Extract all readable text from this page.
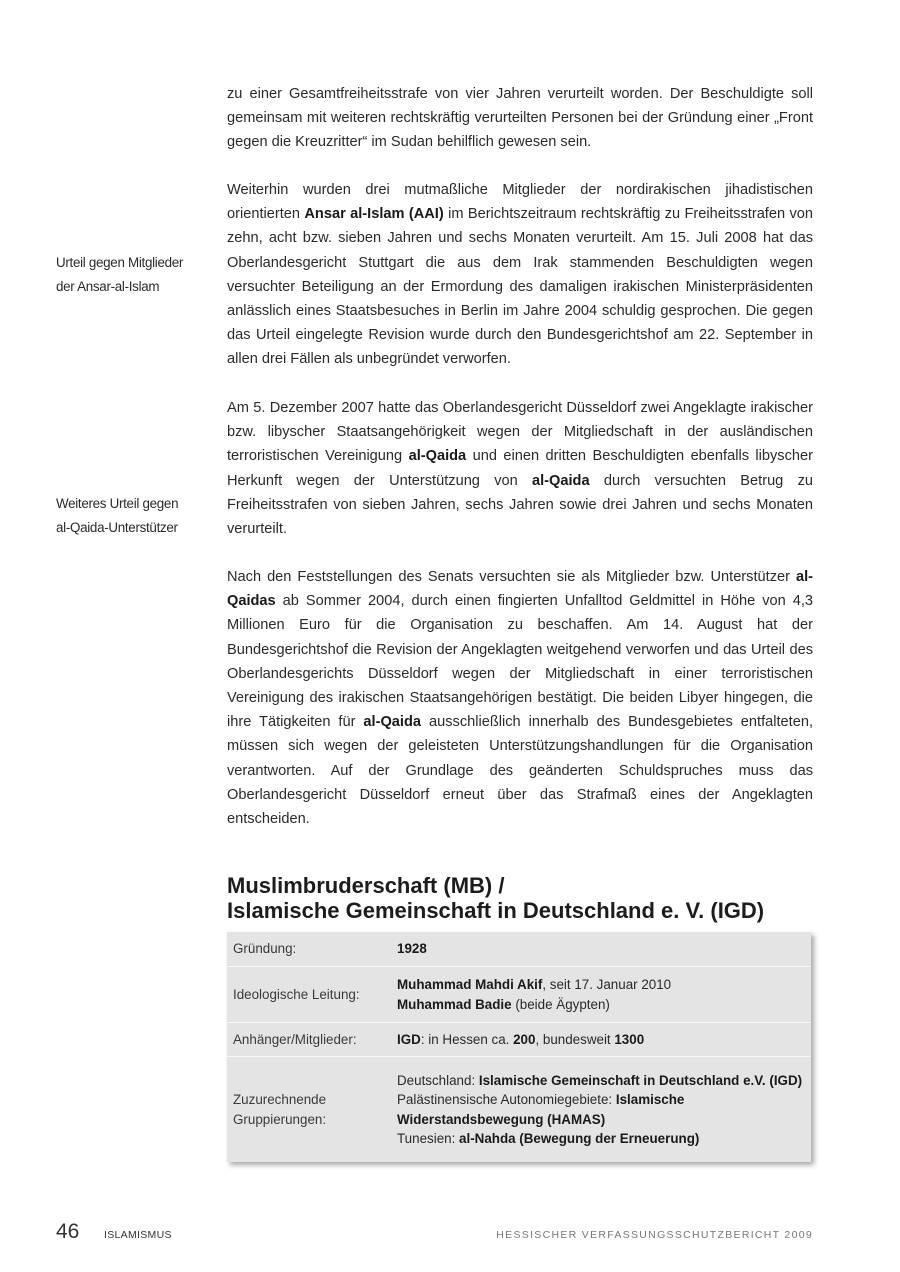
zu einer Gesamtfreiheitsstrafe von vier Jahren verurteilt worden. Der Beschuldigte soll gemeinsam mit weiteren rechtskräftig verurteilten Personen bei der Gründung einer „Front gegen die Kreuzritter“ im Sudan behilflich gewesen sein.

Weiterhin wurden drei mutmaßliche Mitglieder der nordirakischen jihadistischen orientierten Ansar al-Islam (AAI) im Berichtszeitraum rechtskräftig zu Freiheitsstrafen von zehn, acht bzw. sieben Jahren und sechs Monaten verurteilt. Am 15. Juli 2008 hat das Oberlandesgericht Stuttgart die aus dem Irak stammenden Beschuldigten wegen versuchter Beteiligung an der Ermordung des damaligen irakischen Ministerpräsidenten anlässlich eines Staatsbesuches in Berlin im Jahre 2004 schuldig gesprochen. Die gegen das Urteil eingelegte Revision wurde durch den Bundesgerichtshof am 22. September in allen drei Fällen als unbegründet verworfen.

Am 5. Dezember 2007 hatte das Oberlandesgericht Düsseldorf zwei Angeklagte irakischer bzw. libyscher Staatsangehörigkeit wegen der Mitgliedschaft in der ausländischen terroristischen Vereinigung al-Qaida und einen dritten Beschuldigten ebenfalls libyscher Herkunft wegen der Unterstützung von al-Qaida durch versuchten Betrug zu Freiheitsstrafen von sieben Jahren, sechs Jahren sowie drei Jahren und sechs Monaten verurteilt.

Nach den Feststellungen des Senats versuchten sie als Mitglieder bzw. Unterstützer al-Qaidas ab Sommer 2004, durch einen fingierten Unfalltod Geldmittel in Höhe von 4,3 Millionen Euro für die Organisation zu beschaffen. Am 14. August hat der Bundesgerichtshof die Revision der Angeklagten weitgehend verworfen und das Urteil des Oberlandesgerichts Düsseldorf wegen der Mitgliedschaft in einer terroristischen Vereinigung des irakischen Staatsangehörigen bestätigt. Die beiden Libyer hingegen, die ihre Tätigkeiten für al-Qaida ausschließlich innerhalb des Bundesgebietes entfalteten, müssen sich wegen der geleisteten Unterstützungshandlungen für die Organisation verantworten. Auf der Grundlage des geänderten Schuldspruches muss das Oberlandesgericht Düsseldorf erneut über das Strafmaß eines der Angeklagten entscheiden.

Urteil gegen Mitglieder
der Ansar-al-Islam
Weiteres Urteil gegen
al-Qaida-Unterstützer
Muslimbruderschaft (MB) /
Islamische Gemeinschaft in Deutschland e. V. (IGD)
Gründung:	1928
Ideologische Leitung:
Muhammad Mahdi Akif, seit 17. Januar 2010
Muhammad Badie (beide Ägypten)
Anhänger/Mitglieder:	IGD: in Hessen ca. 200, bundesweit 1300
Zuzurechnende
Gruppierungen:
Deutschland: Islamische Gemeinschaft in Deutschland e.V. (IGD)
Palästinensische Autonomiegebiete: Islamische Widerstandsbewegung (HAMAS)
Tunesien: al-Nahda (Bewegung der Erneuerung)
46 ISLAMISMUS	HESSISCHER VERFASSUNGSSCHUTZBERICHT 2009
